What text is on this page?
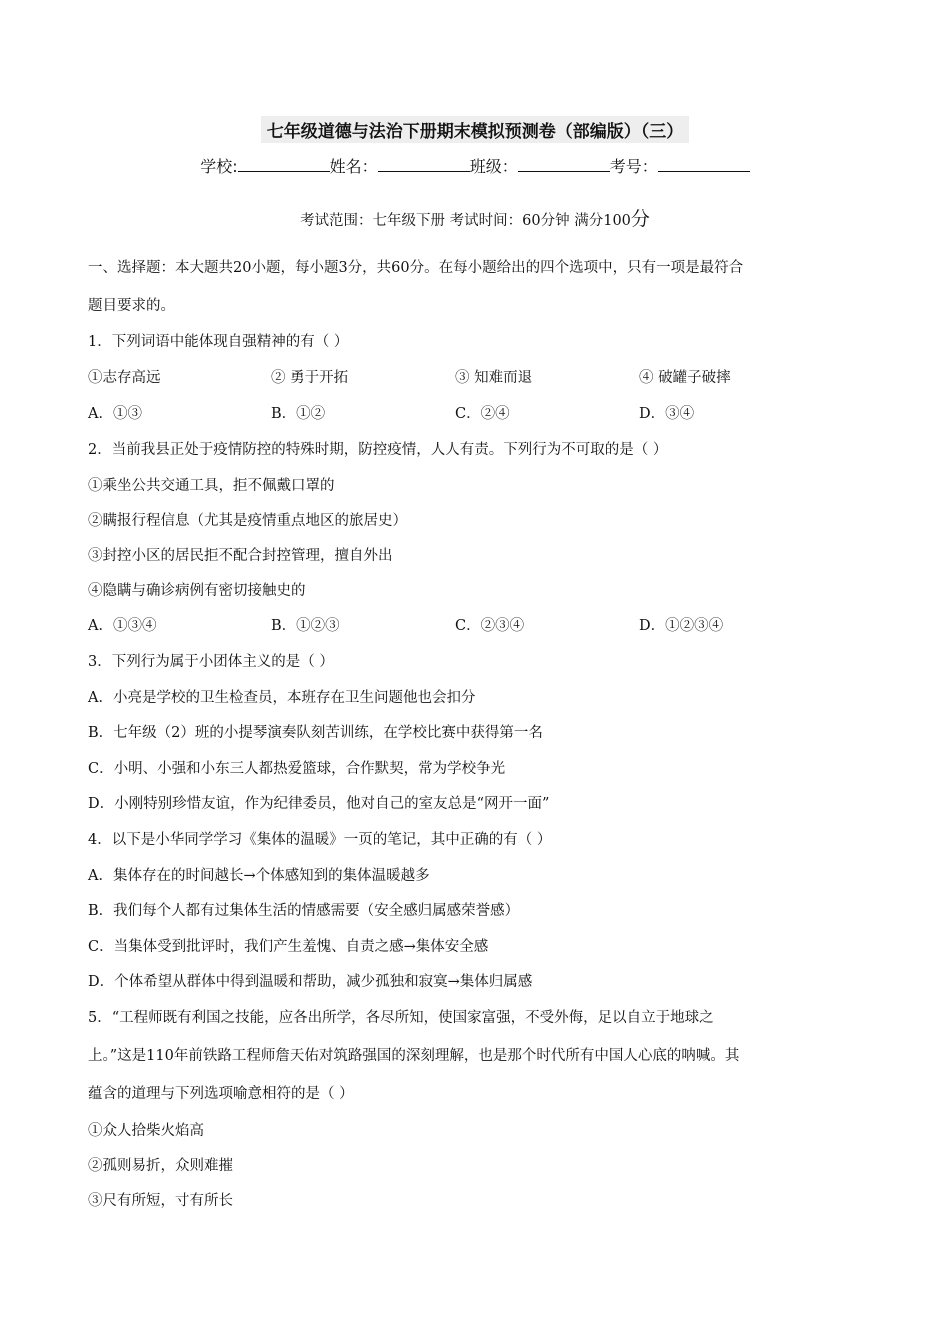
七年级道德与法治下册期末模拟预测卷（部编版）（三）
学校:	姓名：	班级：	考号：
考试范围：七年级下册 考试时间：60分钟 满分100分
一、选择题：本大题共20小题，每小题3分，共60分。在每小题给出的四个选项中，只有一项是最符合
题目要求的。
1．下列词语中能体现自强精神的有（ ）
①志存高远	② 勇于开拓	③ 知难而退	④ 破罐子破摔
A．①③	B．①②	C．②④	D．③④
2．当前我县正处于疫情防控的特殊时期，防控疫情，人人有责。下列行为不可取的是（ ）
①乘坐公共交通工具，拒不佩戴口罩的
②瞒报行程信息（尤其是疫情重点地区的旅居史）
③封控小区的居民拒不配合封控管理，擅自外出
④隐瞒与确诊病例有密切接触史的
A．①③④	B．①②③	C．②③④	D．①②③④
3．下列行为属于小团体主义的是（ ）
A．小亮是学校的卫生检查员，本班存在卫生问题他也会扣分
B．七年级（2）班的小提琴演奏队刻苦训练，在学校比赛中获得第一名
C．小明、小强和小东三人都热爱篮球，合作默契，常为学校争光
D．小刚特别珍惜友谊，作为纪律委员，他对自己的室友总是“网开一面”
4．以下是小华同学学习《集体的温暖》一页的笔记，其中正确的有（ ）
A．集体存在的时间越长→个体感知到的集体温暖越多
B．我们每个人都有过集体生活的情感需要（安全感归属感荣誉感）
C．当集体受到批评时，我们产生羞愧、自责之感→集体安全感
D．个体希望从群体中得到温暖和帮助，减少孤独和寂寞→集体归属感
5．“工程师既有利国之技能，应各出所学，各尽所知，使国家富强，不受外侮，足以自立于地球之
上。”这是110年前铁路工程师詹天佑对筑路强国的深刻理解，也是那个时代所有中国人心底的呐喊。其
蕴含的道理与下列选项喻意相符的是（ ）
①众人拾柴火焰高
②孤则易折，众则难摧
③尺有所短，寸有所长
